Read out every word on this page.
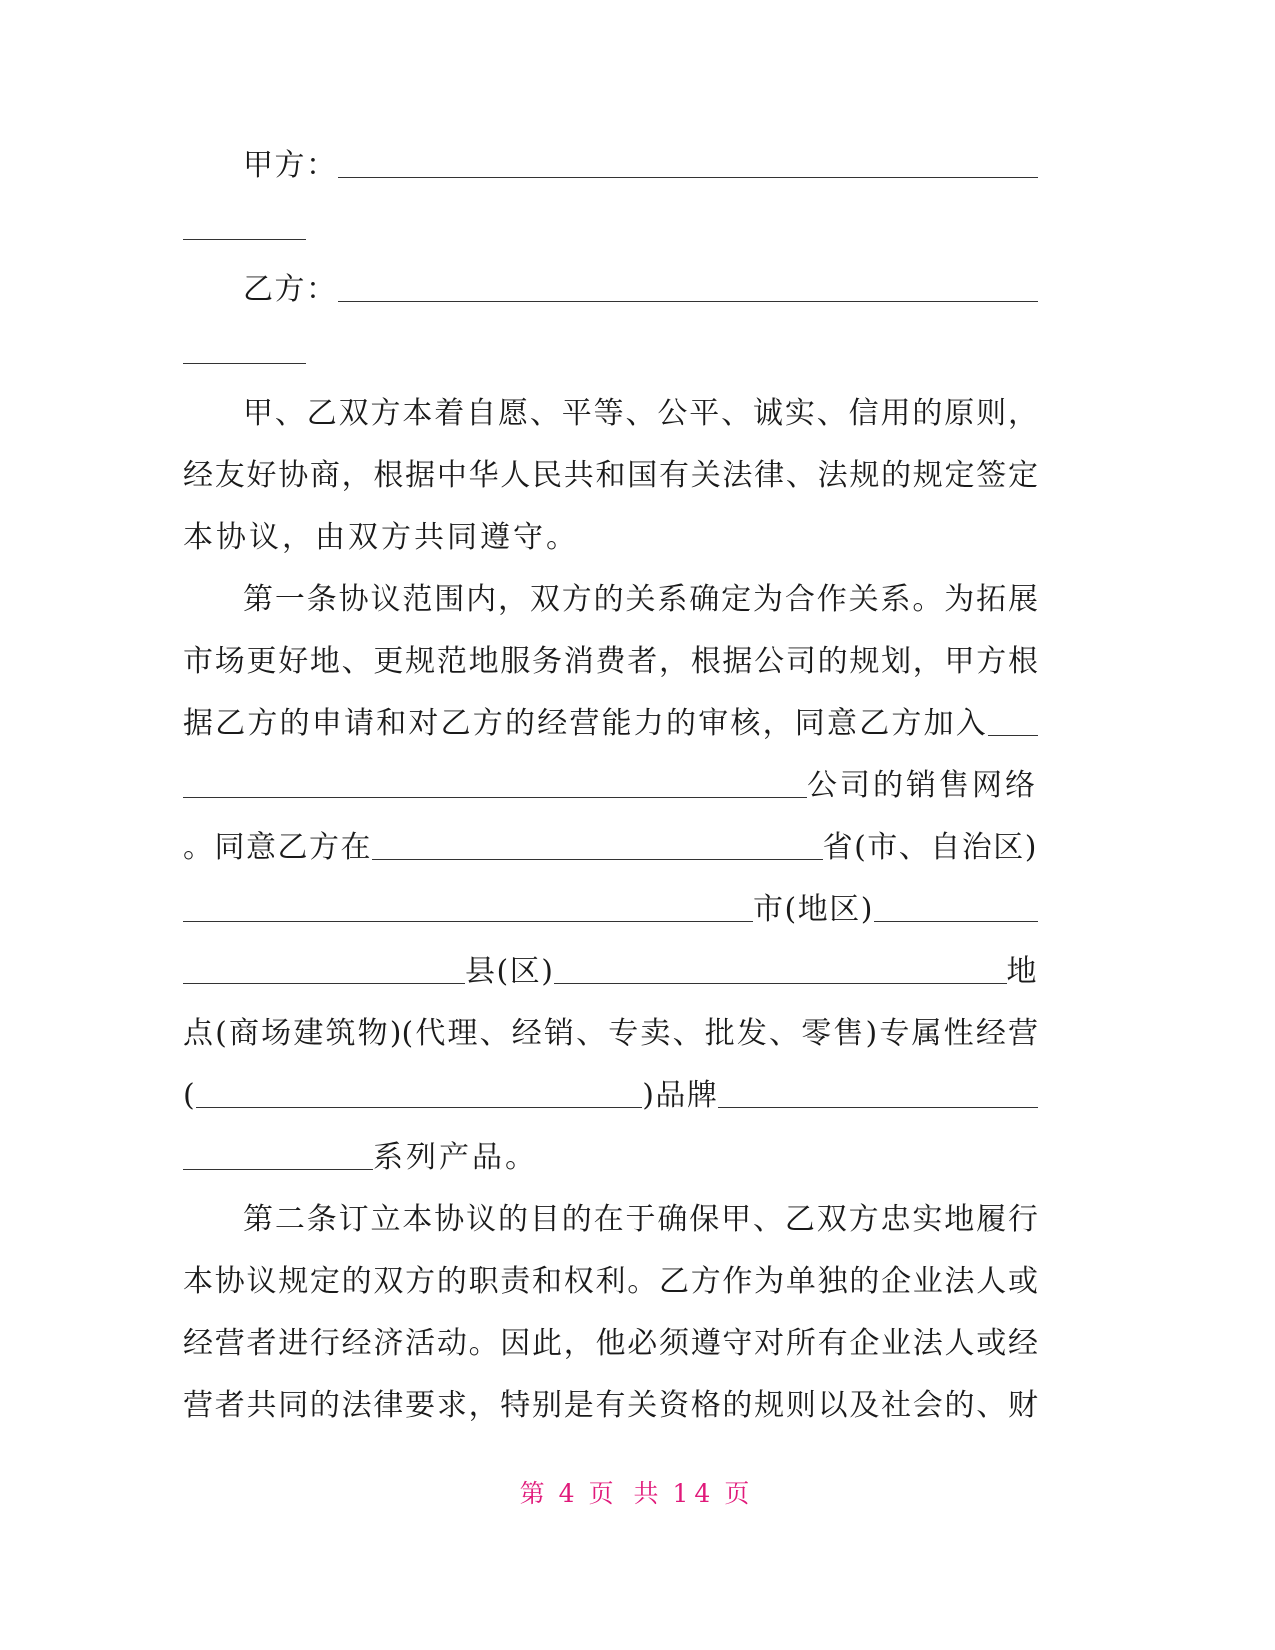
甲方：
乙方：
甲、乙双方本着自愿、平等、公平、诚实、信用的原则，
经友好协商，根据中华人民共和国有关法律、法规的规定签定
本协议，由双方共同遵守。
第一条协议范围内，双方的关系确定为合作关系。为拓展
市场更好地、更规范地服务消费者，根据公司的规划，甲方根
据乙方的申请和对乙方的经营能力的审核，同意乙方加入
公司的销售网络
。同意乙方在	省(市、自治区)
市(地区)
县(区)	地
点(商场建筑物)(代理、经销、专卖、批发、零售)专属性经营
(	)品牌
系列产品。
第二条订立本协议的目的在于确保甲、乙双方忠实地履行
本协议规定的双方的职责和权利。乙方作为单独的企业法人或
经营者进行经济活动。因此，他必须遵守对所有企业法人或经
营者共同的法律要求，特别是有关资格的规则以及社会的、财
第 4 页 共 14 页
